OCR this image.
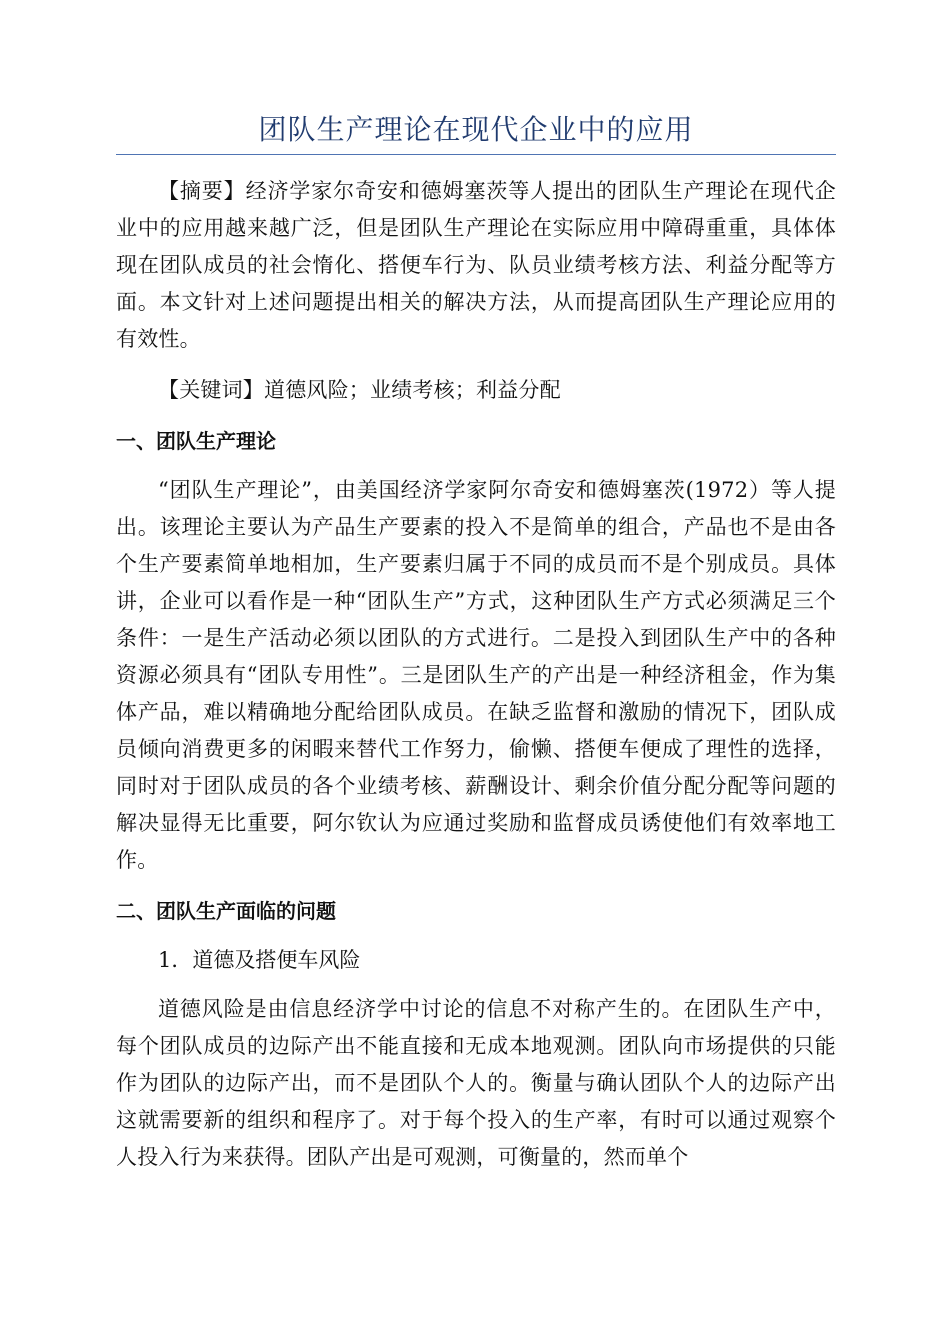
团队生产理论在现代企业中的应用

【摘要】经济学家尔奇安和德姆塞茨等人提出的团队生产理论在现代企业中的应用越来越广泛，但是团队生产理论在实际应用中障碍重重，具体体现在团队成员的社会惰化、搭便车行为、队员业绩考核方法、利益分配等方面。本文针对上述问题提出相关的解决方法，从而提高团队生产理论应用的有效性。

【关键词】道德风险；业绩考核；利益分配

一、团队生产理论

“团队生产理论”，由美国经济学家阿尔奇安和德姆塞茨(1972）等人提出。该理论主要认为产品生产要素的投入不是简单的组合，产品也不是由各个生产要素简单地相加，生产要素归属于不同的成员而不是个别成员。具体讲，企业可以看作是一种“团队生产”方式，这种团队生产方式必须满足三个条件：一是生产活动必须以团队的方式进行。二是投入到团队生产中的各种资源必须具有“团队专用性”。三是团队生产的产出是一种经济租金，作为集体产品，难以精确地分配给团队成员。在缺乏监督和激励的情况下，团队成员倾向消费更多的闲暇来替代工作努力，偷懒、搭便车便成了理性的选择，同时对于团队成员的各个业绩考核、薪酬设计、剩余价值分配分配等问题的解决显得无比重要，阿尔钦认为应通过奖励和监督成员诱使他们有效率地工作。

二、团队生产面临的问题

1．道德及搭便车风险

道德风险是由信息经济学中讨论的信息不对称产生的。在团队生产中，每个团队成员的边际产出不能直接和无成本地观测。团队向市场提供的只能作为团队的边际产出，而不是团队个人的。衡量与确认团队个人的边际产出这就需要新的组织和程序了。对于每个投入的生产率，有时可以通过观察个人投入行为来获得。团队产出是可观测，可衡量的，然而单个
